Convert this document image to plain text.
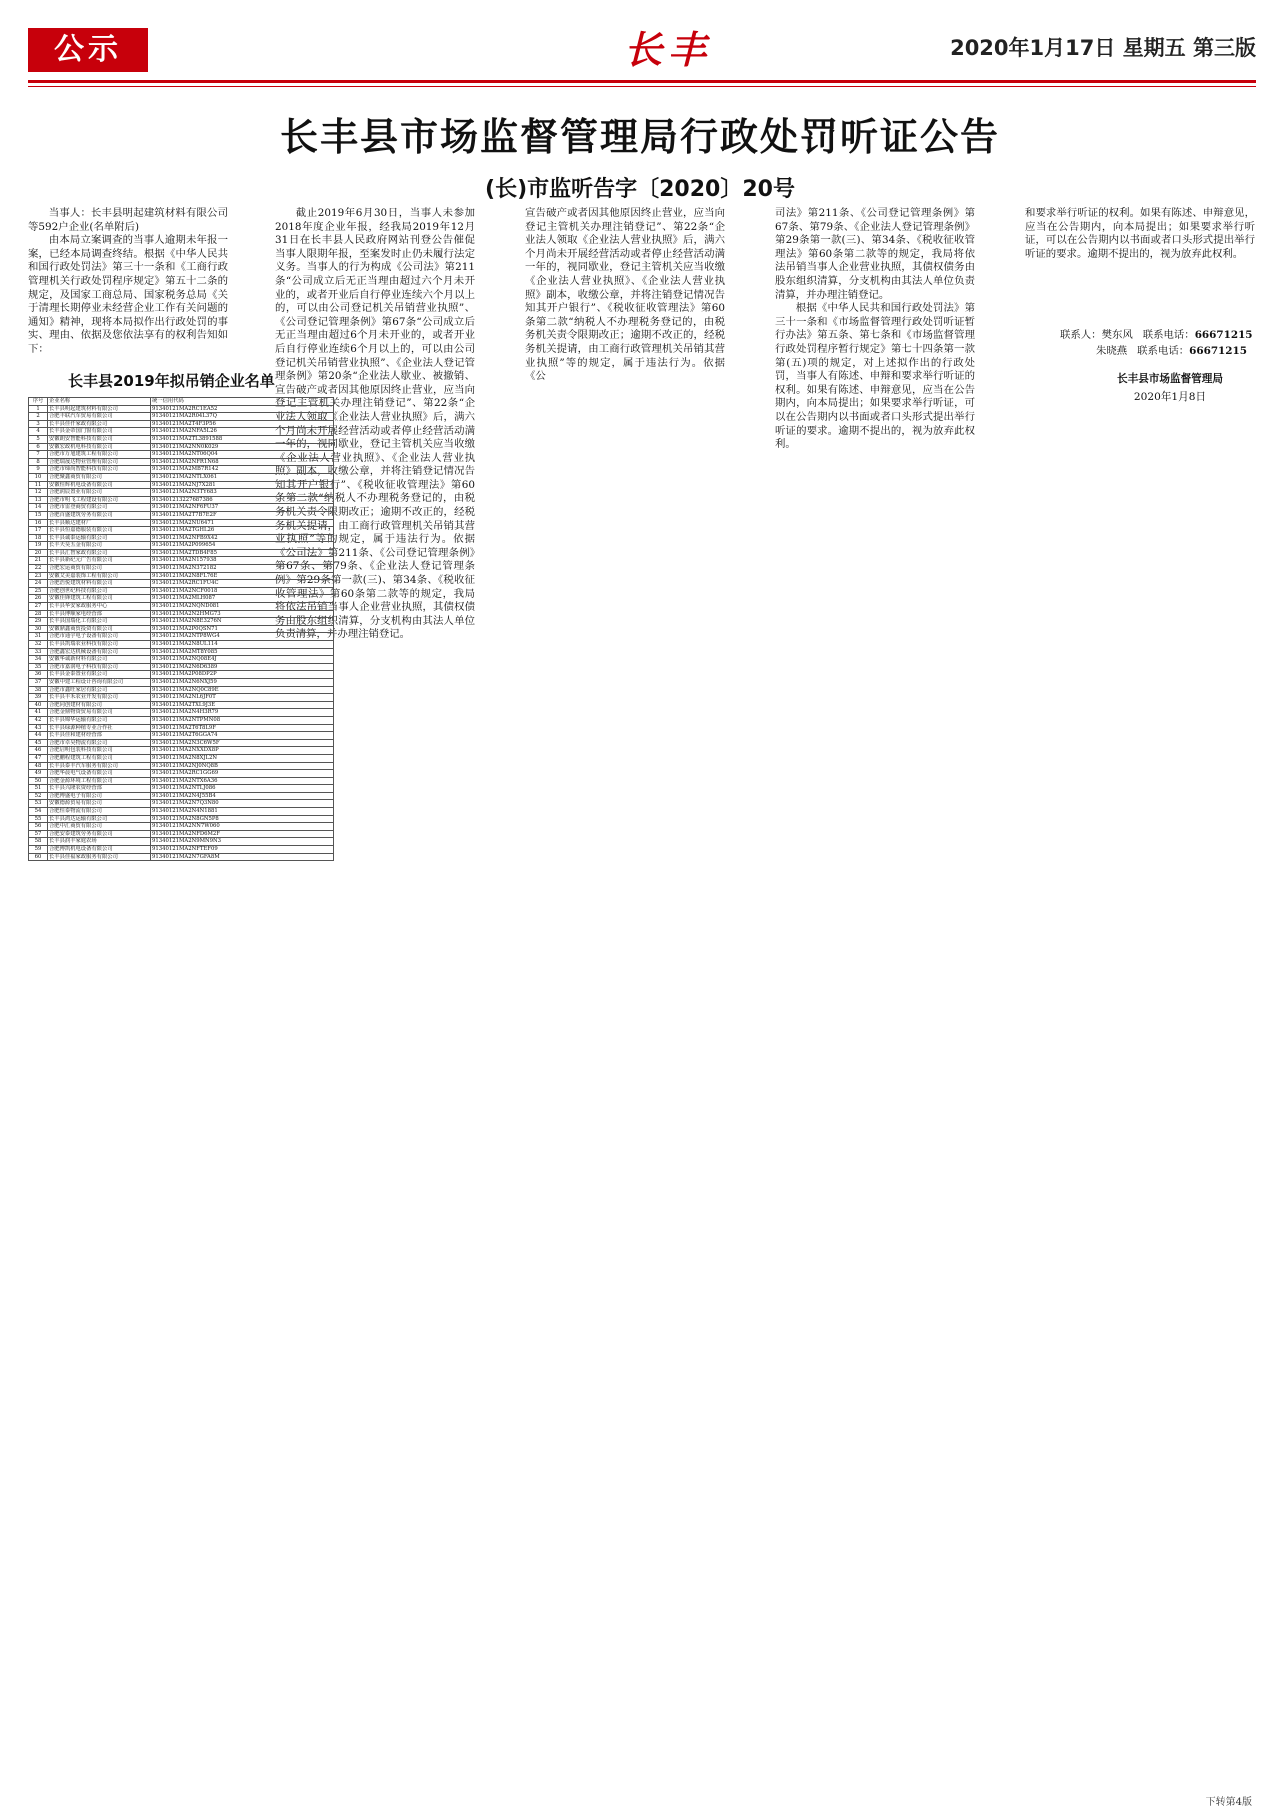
公示	长丰	2020年1月17日 星期五 第三版
长丰县市场监督管理局行政处罚听证公告
(长)市监听告字〔2020〕20号

当事人：长丰县明起建筑材料有限公司等592户企业(名单附后)

由本局立案调查的当事人逾期未年报一案，已经本局调查终结。根据《中华人民共和国行政处罚法》第三十一条和《工商行政管理机关行政处罚程序规定》第五十二条的规定，及国家工商总局、国家税务总局《关于清理长期停业未经营企业工作有关问题的通知》精神，现将本局拟作出行政处罚的事实、理由、依据及您依法享有的权利告知如下：

截止2019年6月30日，当事人未参加2018年度企业年报，经我局2019年12月31日在长丰县人民政府网站刊登公告催促当事人限期年报，至案发时止仍未履行法定义务。当事人的行为构成《公司法》第211条“公司成立后无正当理由超过六个月未开业的，或者开业后自行停业连续六个月以上的，可以由公司登记机关吊销营业执照”、《公司登记管理条例》第67条“公司成立后无正当理由超过6个月未开业的，或者开业后自行停业连续6个月以上的，可以由公司登记机关吊销营业执照”、《企业法人登记管理条例》第20条“企业法人歇业、被撤销、宣告破产或者因其他原因终止营业，应当向登记主管机关办理注销登记”、第22条“企业法人领取《企业法人营业执照》后，满六个月尚未开展经营活动或者停止经营活动满一年的，视同歇业，登记主管机关应当收缴《企业法人营业执照》、《企业法人营业执照》副本，收缴公章，并将注销登记情况告知其开户银行”、《税收征收管理法》第60条第二款“纳税人不办理税务登记的，由税务机关责令限期改正；逾期不改正的，经税务机关提请，由工商行政管理机关吊销其营业执照”等的规定，属于违法行为。依据《公司法》第211条、《公司登记管理条例》第67条、第79条、《企业法人登记管理条例》第29条第一款(三)、第34条、《税收征收管理法》第60条第二款等的规定，我局将依法吊销当事人企业营业执照，其债权债务由股东组织清算，分支机构由其法人单位负责清算，并办理注销登记。

宣告破产或者因其他原因终止营业，应当向登记主管机关办理注销登记”、第22条“企业法人领取《企业法人营业执照》后，满六个月尚未开展经营活动或者停止经营活动满一年的，视同歇业，登记主管机关应当收缴《企业法人营业执照》、《企业法人营业执照》副本，收缴公章，并将注销登记情况告知其开户银行”、《税收征收管理法》第60条第二款“纳税人不办理税务登记的，由税务机关责令限期改正；逾期不改正的，经税务机关提请，由工商行政管理机关吊销其营业执照”等的规定，属于违法行为。依据《公

司法》第211条、《公司登记管理条例》第67条、第79条、《企业法人登记管理条例》第29条第一款(三)、第34条、《税收征收管理法》第60条第二款等的规定，我局将依法吊销当事人企业营业执照，其债权债务由股东组织清算，分支机构由其法人单位负责清算，并办理注销登记。

根据《中华人民共和国行政处罚法》第三十一条和《市场监督管理行政处罚听证暂行办法》第五条、第七条和《市场监督管理行政处罚程序暂行规定》第七十四条第一款第(五)项的规定，对上述拟作出的行政处罚，当事人有陈述、申辩和要求举行听证的权利。如果有陈述、申辩意见，应当在公告期内，向本局提出；如果要求举行听证，可以在公告期内以书面或者口头形式提出举行听证的要求。逾期不提出的，视为放弃此权利。

和要求举行听证的权利。如果有陈述、申辩意见，应当在公告期内，向本局提出；如果要求举行听证，可以在公告期内以书面或者口头形式提出举行听证的要求。逾期不提出的，视为放弃此权利。

联系人：樊东风 联系电话：66671215
朱晓燕 联系电话：66671215
长丰县市场监督管理局
2020年1月8日
长丰县2019年拟吊销企业名单
序号	企业名称	统一信用代码
1	长丰县明起建筑材料有限公司	91340121MA2RC1EA52
2	合肥丰联汽车贸易有限公司	91340121MA2R04L37Q
3	长丰县佳仟家政有限公司	91340121MA2T4F3P56
4	长丰县金帝国门窗有限公司	91340121MA2NFA5L26
5	安徽朗安智能科技有限公司	91340121MA2TL3891588
6	安徽宏政机电科技有限公司	91340121MA2NN0K029
7	合肥市万旭建筑工程有限公司	91340121MA2NT06Q04
8	合肥瑞晟达物业管理有限公司	91340121MA2NFR1N68
9	合肥市缔尚智能科技有限公司	91340121MA2MB7R142
10	合肥聚鑫商贸有限公司	91340121MA2NTLX061
11	安徽恒辉机电设备有限公司	91340121MA2NJ7X281
12	合肥润辰置业有限公司	91340121MA2N3TY683
13	合肥市明飞工程建设有限公司	913401213227687386
14	合肥市雷登商贸有限公司	91340121MA2NF6FU37
15	合肥百盛建筑劳务有限公司	91340121MA2T7B7E2F
16	长丰县顺达建材厂	91340121MA2NU6471
17	长丰县恒嘉德服装有限公司	91340121MA2TGHL26
18	长丰县诚泰运输有限公司	91340121MA2NFB9X42
19	长丰天昊五金有限公司	91340121MA2P099654
20	长丰县汇智家政有限公司	91340121MA2TDB4F85
21	长丰县新纪元广告有限公司	91340121MA2N157938
22	合肥宏运商贸有限公司	91340121MA2N372182
23	安徽艾美嘉装饰工程有限公司	91340121MA2N8FL76E
24	合肥浩悦建筑材料有限公司	91340121MA2RC1FU4C
25	合肥创世纪科技有限公司	91340121MA2NCF0018
26	安徽佳锋建筑工程有限公司	91340121MA2MLH087
27	长丰县华安家政服务中心	91340121MA2NQND081
28	长丰县博顺家电经营部	91340121MA2N2HMG73
29	长丰县国瑞化工有限公司	91340121MA2N8E3276N
30	安徽鼎鑫商贸投资有限公司	91340121MA2P0QSN71
31	合肥市通宇电子设备有限公司	91340121MA2NTP8WG4
32	长丰县凯瑞农业科技有限公司	91340121MA2N8UL114
33	合肥鑫宏达机械设备有限公司	91340121MA2MT8Y085
34	安徽华诚新材料有限公司	91340121MA2NQ08E4J
35	合肥市嘉润电子科技有限公司	91340121MA2N6D6389
36	长丰县金泰置业有限公司	91340121MA2P08DP2P
37	安徽中建工程设计咨询有限公司	91340121MA2N6NXJ59
38	合肥市鑫旺家居有限公司	91340121MA2NQ0C89E
39	长丰县丰禾农业开发有限公司	91340121MA2NL6JF0T
40	合肥同创建材有限公司	91340121MA2TXL9J3E
41	合肥金鼎物资贸易有限公司	91340121MA2N4H3R79
42	长丰县锦华运输有限公司	91340121MA2NTPMN08
43	长丰县绿源种植专业合作社	91340121MA2T6T8L9F
44	长丰县佳和建材经营部	91340121MA2T6GGA74
45	合肥市卓昊物流有限公司	91340121MA2N3C6W5F
46	合肥启明包装科技有限公司	91340121MA2NXXDX8P
47	合肥鹏程建筑工程有限公司	91340121MA2N8XJL2N
48	长丰县泰丰汽车服务有限公司	91340121MA2NJ0NQ8B
49	合肥华晨电气设备有限公司	91340121MA2RC1GG69
50	合肥金源环境工程有限公司	91340121MA2NTX6A36
51	长丰县兴隆农资经营部	91340121MA2NTLJ086
52	合肥博盛电子有限公司	91340121MA2N4J55B4
53	安徽德源贸易有限公司	91340121MA2N7Q3N80
54	合肥恒泰物流有限公司	91340121MA2N4N1881
55	长丰县鸿达运输有限公司	91340121MA2N8GN5P8
56	合肥中汇商贸有限公司	91340121MA2NN7W060
57	合肥安泰建筑劳务有限公司	91340121MA2NFD6M2F
58	长丰县润丰家庭农场	91340121MA2N9MN9N3
59	合肥博凯机电设备有限公司	91340121MA2NFTEF09
60	长丰县佳福家政服务有限公司	91340121MA2N7GFA8M
下转第4版
